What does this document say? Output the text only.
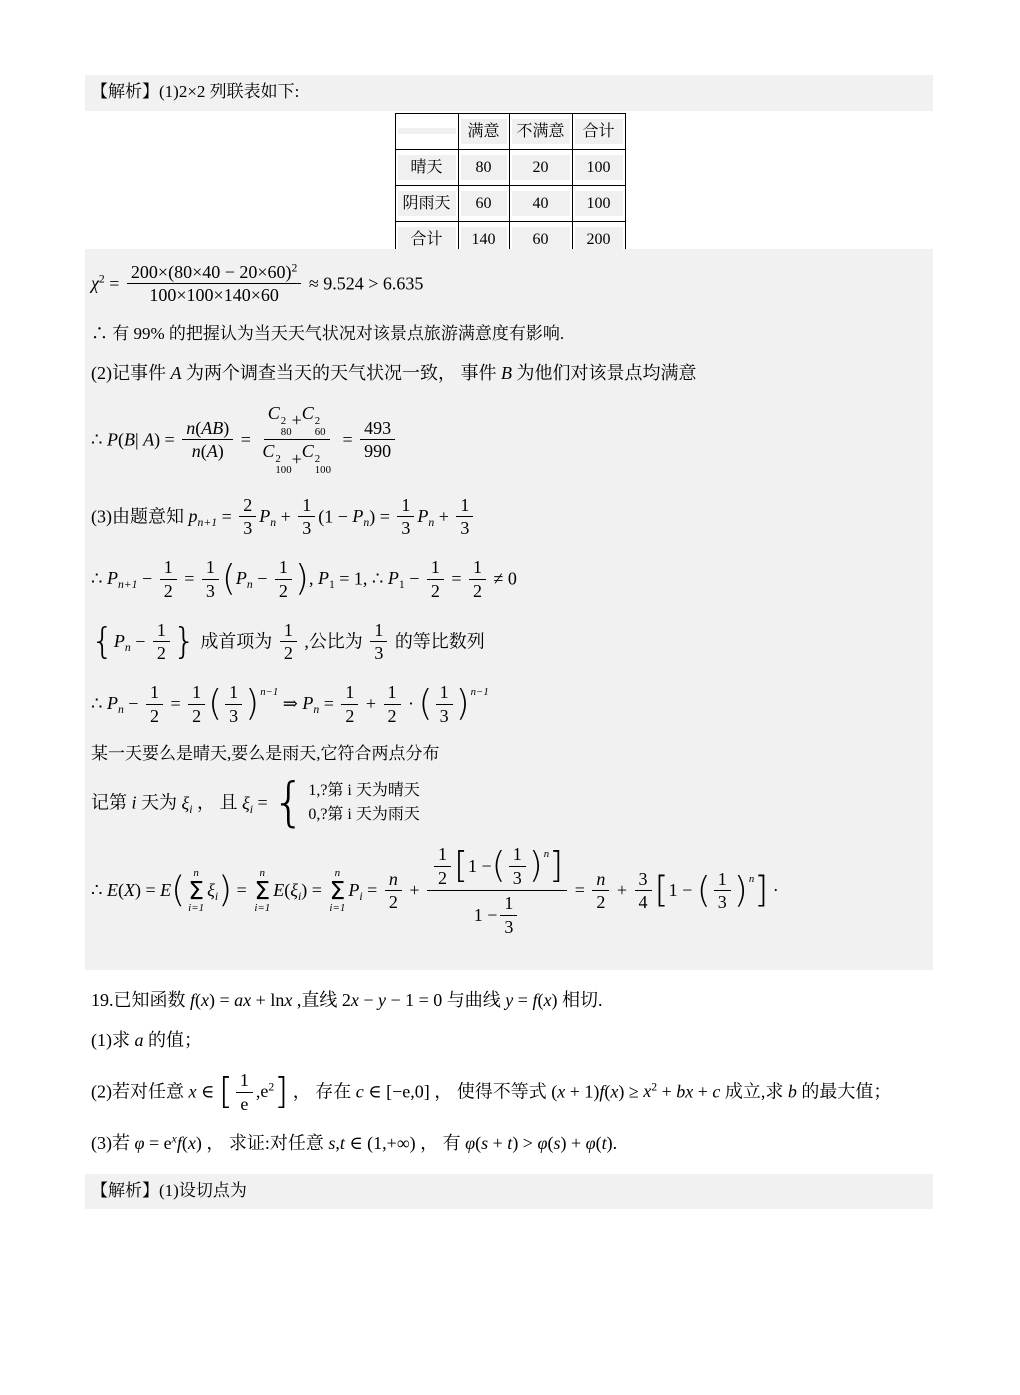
【解析】(1)2×2 列联表如下:

	满意	不满意	合计

晴天	80	20	100

阴雨天	60	40	100

合计	140	60	200
$\chi^2 = \frac{200\times (80\times 40 - 20\times 60)^2}{100\times 100\times 140\times 60} \approx 9.524 > 6.635$
∴ 有 99% 的把握认为当天天气状况对该景点旅游满意度有影响.
(2)记事件 A 为两个调查当天的天气状况一致， 事件 B 为他们对该景点均满意
∴ P(B| $A) = \frac{n ( AB )}{n ( A )} = C$ 2
80
+ C 2
60
C 2
100
+ C 2
$100 = \frac{493}{990}$
(3)由题意知 $p_{n+1} = \frac{2}{3} P_n + \frac{1}{3} (1 - P_n) = \frac{1}{3} P_n + \frac{1}{3}$
∴ $P_{n+1} - \frac{1}{2} = \frac{1}{3} (P_n - \frac{1}{2}$ ), $P_1 = 1$, ∴ $P_1 - \frac{1}{2} = \frac{1}{2} \ne 0$
{$P_n - \frac{1}{2}$ } 成首项为 $\frac{1}{2}$ ,公比为 $\frac{1}{3}$ 的等比数列
∴ $P_n - \frac{1}{2} = \frac{1}{2}$ ( $\frac{1}{3}$ ) n−1
⇒ $P_n = \frac{1}{2} + \frac{1}{2}$ · ( $\frac{1}{3}$ ) n−1
某一天要么是晴天,要么是雨天,它符合两点分布
记第 i 天为 $\xi_i$ ， 且 $\xi_i$ = { 1,?第 i 天为晴天
0,?第 i 天为雨天
∴ E(X) = E( n
Σ
i=1
$\xi_i$) =
n
Σ
i=1
$E(\xi_i)$ =
n
Σ
i=1
$P_i = \frac{n}{2} + \frac{\frac{1}{2} [ 1 - ( \frac{1}{3} ) n ]}{1 - \frac{1}{3}} = \frac{n}{2} + \frac{3}{4} [1$ − ( $\frac{1}{3}$ ) n ] ·
19.已知函数 f(x) = ax + lnx ,直线 2x − y − 1 = 0 与曲线 y = f(x) 相切.
(1)求 a 的值；
(2)若对任意 x ∈ [ $\frac{1}{e} ,e^2$] ， 存在 c ∈ [−e,0] ， 使得不等式 $(x + 1)f(x) \ge x^2$ + bx + c 成立,求 b 的最大值；
(3)若 $\varphi = e^xf(x)$ ， 求证:对任意 s,t ∈ (1,+∞) ， 有 φ(s + t) > φ(s) + φ(t).
【解析】(1)设切点为
